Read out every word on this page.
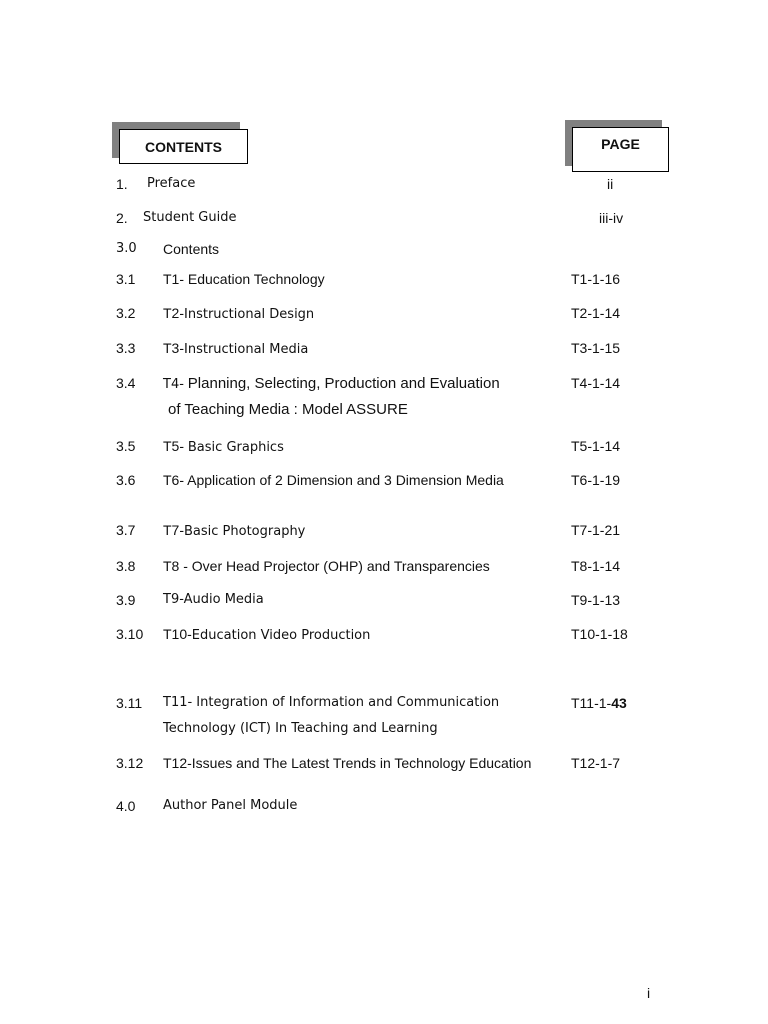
CONTENTS	PAGE
1. Preface	ii
2. Student Guide	iii-iv
3.0 Contents
3.1 T1- Education Technology	T1-1-16
3.2 T2-Instructional Design	T2-1-14
3.3 T3-Instructional Media	T3-1-15
3.4 T4- Planning, Selecting, Production and Evaluation	T4-1-14
of Teaching Media : Model ASSURE
3.5 T5- Basic Graphics	T5-1-14
3.6 T6- Application of 2 Dimension and 3 Dimension Media	T6-1-19
3.7 T7-Basic Photography	T7-1-21
3.8 T8 - Over Head Projector (OHP) and Transparencies	T8-1-14
3.9 T9-Audio Media	T9-1-13
3.10 T10-Education Video Production	T10-1-18
3.11 T11- Integration of Information and Communication	T11-1-43
Technology (ICT) In Teaching and Learning
3.12 T12-Issues and The Latest Trends in Technology Education	T12-1-7
4.0 Author Panel Module
i
